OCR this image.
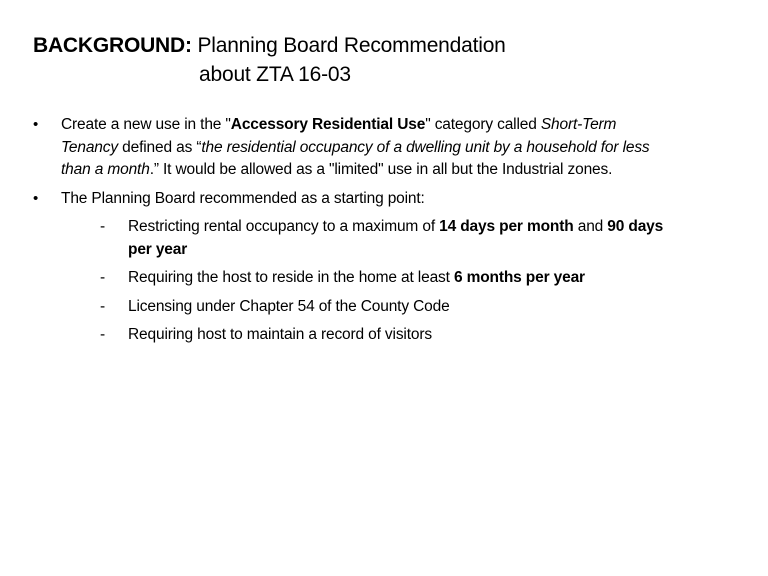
BACKGROUND: Planning Board Recommendation
about ZTA 16-03
•	Create a new use in the "Accessory Residential Use" category called Short-Term Tenancy defined as “the residential occupancy of a dwelling unit by a household for less than a month.” It would be allowed as a "limited" use in all but the Industrial zones.
•	The Planning Board recommended as a starting point:
- Restricting rental occupancy to a maximum of 14 days per month and 90 days per year
- Requiring the host to reside in the home at least 6 months per year
- Licensing under Chapter 54 of the County Code
- Requiring host to maintain a record of visitors
